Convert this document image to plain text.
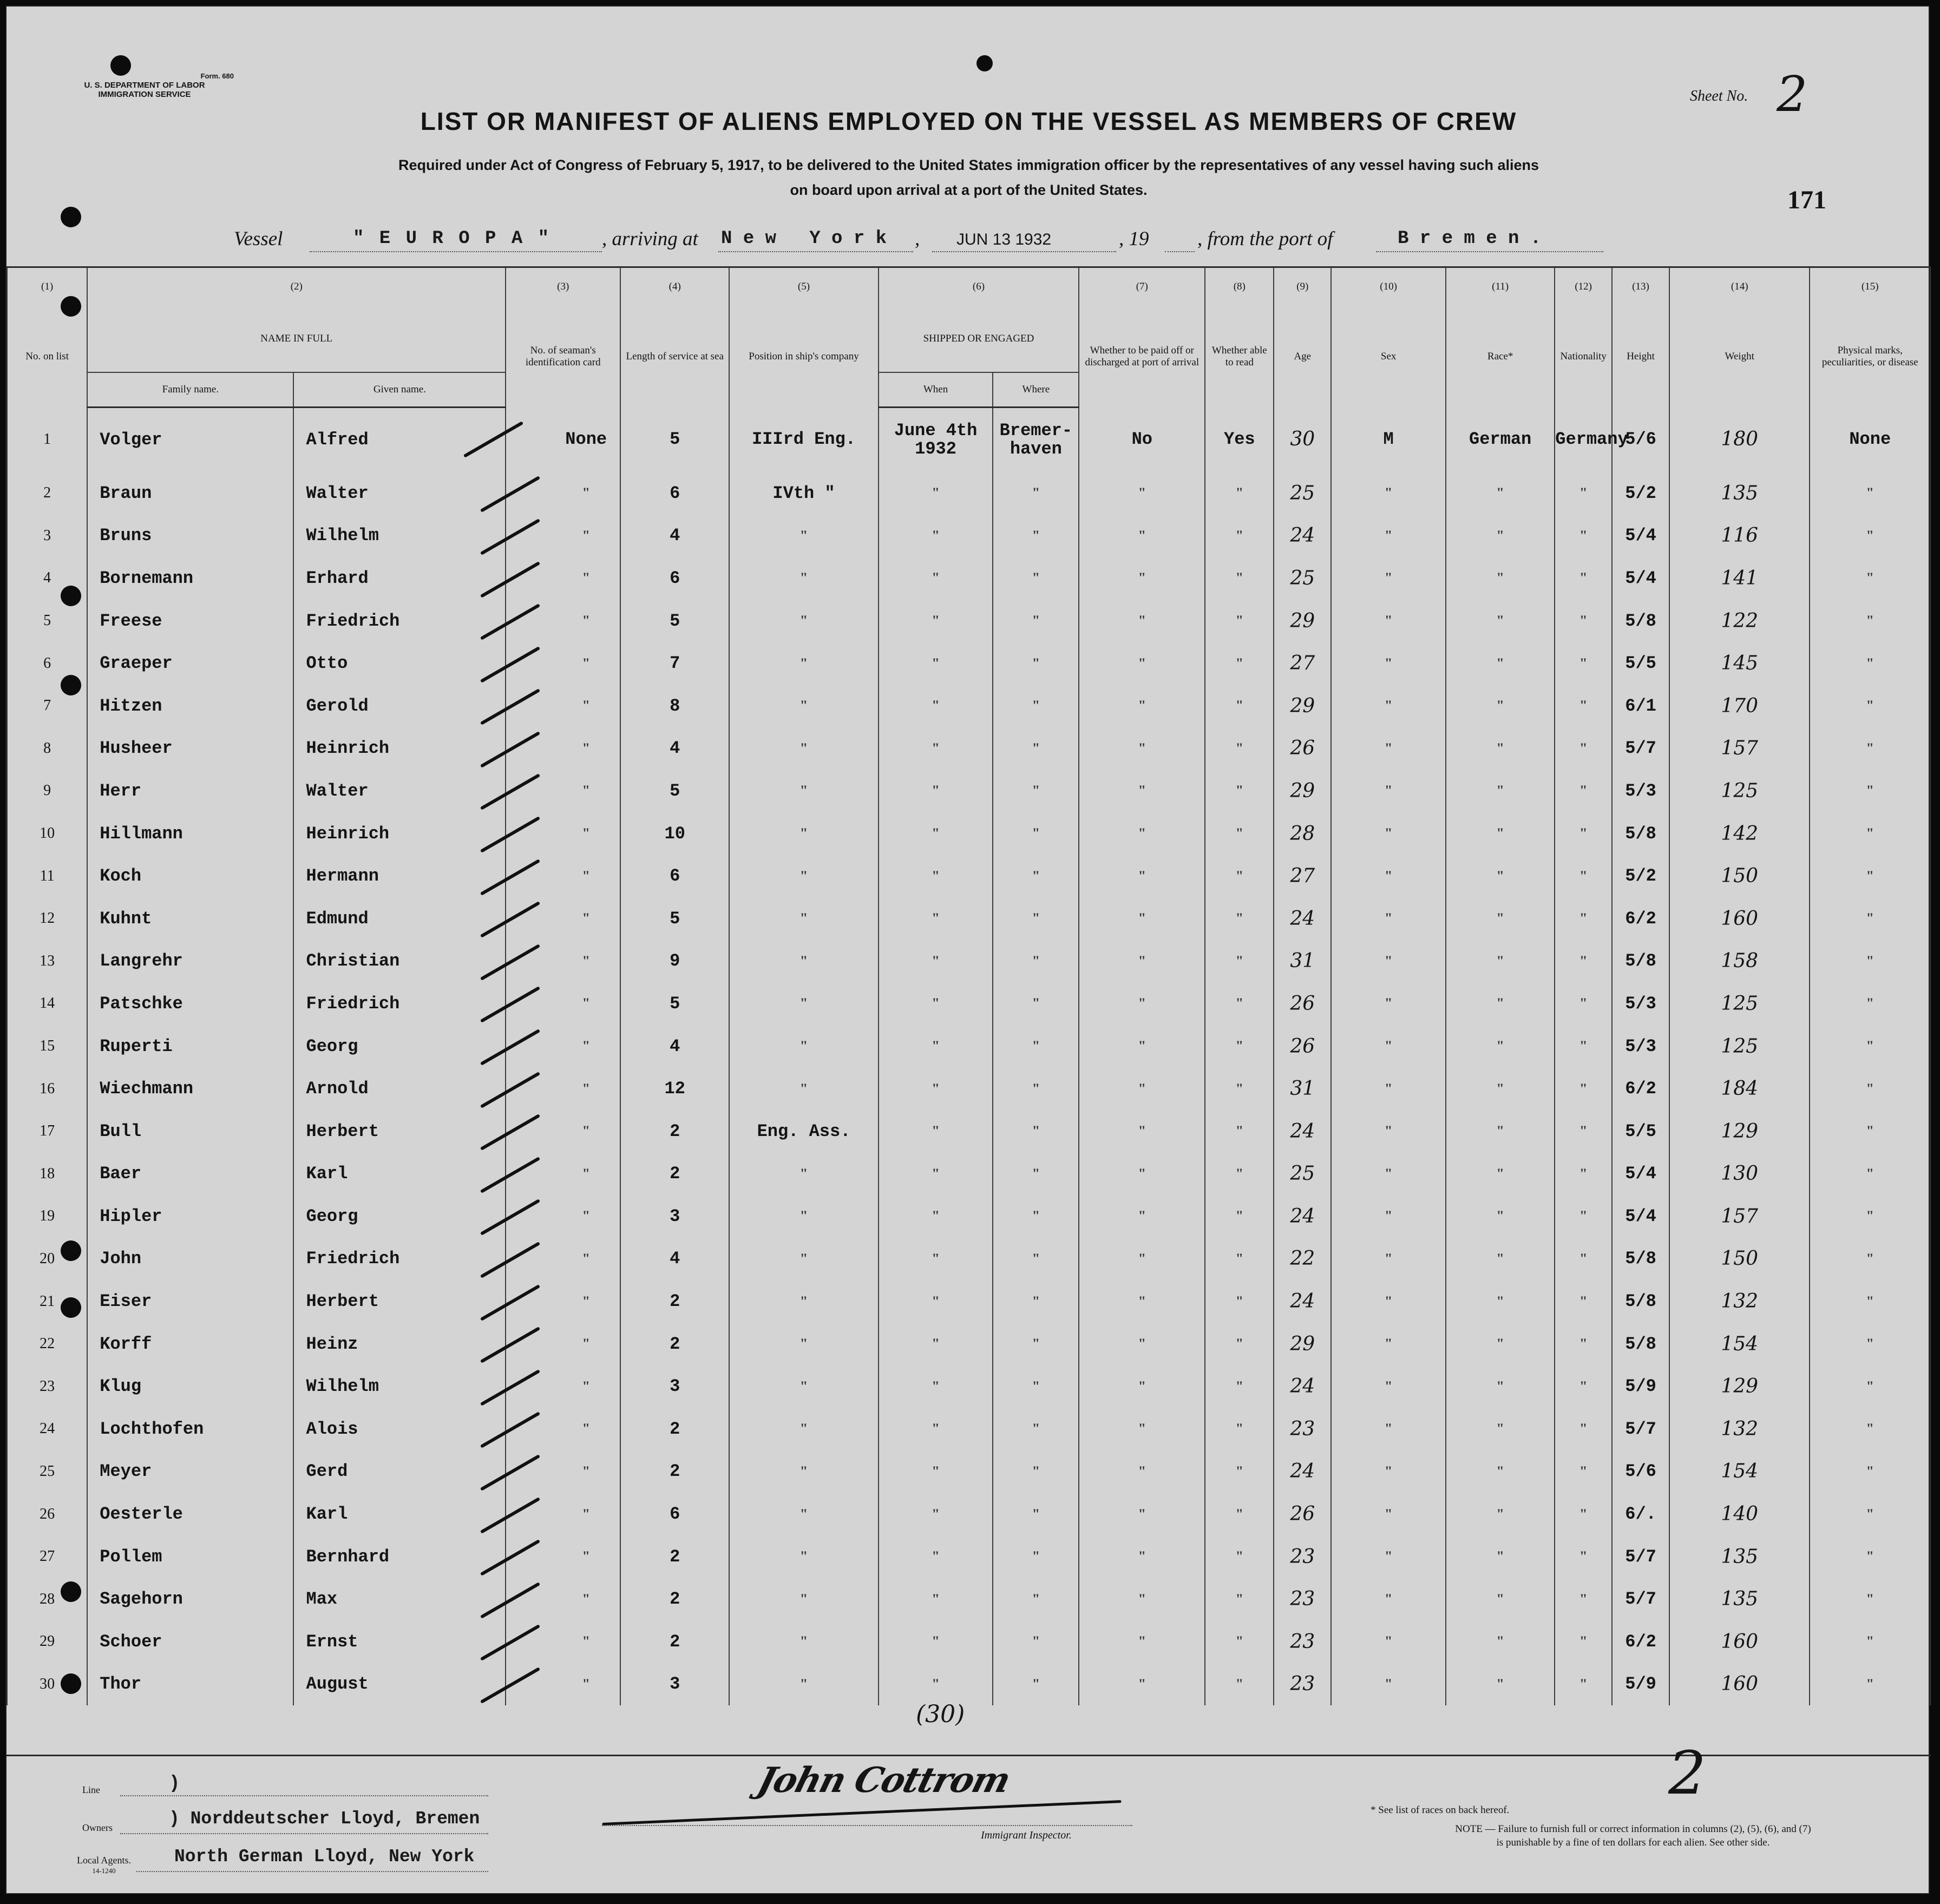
Form. 680
U. S. DEPARTMENT OF LABOR
IMMIGRATION SERVICE	Sheet No. 2
LIST OR MANIFEST OF ALIENS EMPLOYED ON THE VESSEL AS MEMBERS OF CREW
Required under Act of Congress of February 5, 1917, to be delivered to the United States immigration officer by the representatives of any vessel having such aliens
on board upon arrival at a port of the United States.	171
Vessel	" E U R O P A "	, arriving at N e w   Y o r k , JUN 13 1932	, 19 , from the port of	B r e m e n .
(1)	(2)		(3)	(4)	(5)	(6)		(7)	(8)	(9)	(10)	(11)	(12)	(13)	(14)	(15)
No. on list	NAME IN FULL		No. of seaman's identification card	Length of service at sea	Position in ship's company	SHIPPED OR ENGAGED		Whether to be paid off or discharged at port of arrival	Whether able to read	Age	Sex	Race*	Nationality	Height	Weight	Physical marks, peculiarities, or disease
	Family name.	Given name.				When	Where									
1	Volger	Alfred	None	5	IIIrd Eng.	June 4th 1932	Bremer- haven	No	Yes	30	M	German	Germany	5/6	180	None
2	Braun	Walter	"	6	IVth "	"	"	"	"	25	"	"	"	5/2	135	"
3	Bruns	Wilhelm	"	4	"	"	"	"	"	24	"	"	"	5/4	116	"
4	Bornemann	Erhard	"	6	"	"	"	"	"	25	"	"	"	5/4	141	"
5	Freese	Friedrich	"	5	"	"	"	"	"	29	"	"	"	5/8	122	"
6	Graeper	Otto	"	7	"	"	"	"	"	27	"	"	"	5/5	145	"
7	Hitzen	Gerold	"	8	"	"	"	"	"	29	"	"	"	6/1	170	"
8	Husheer	Heinrich	"	4	"	"	"	"	"	26	"	"	"	5/7	157	"
9	Herr	Walter	"	5	"	"	"	"	"	29	"	"	"	5/3	125	"
10	Hillmann	Heinrich	"	10	"	"	"	"	"	28	"	"	"	5/8	142	"
11	Koch	Hermann	"	6	"	"	"	"	"	27	"	"	"	5/2	150	"
12	Kuhnt	Edmund	"	5	"	"	"	"	"	24	"	"	"	6/2	160	"
13	Langrehr	Christian	"	9	"	"	"	"	"	31	"	"	"	5/8	158	"
14	Patschke	Friedrich	"	5	"	"	"	"	"	26	"	"	"	5/3	125	"
15	Ruperti	Georg	"	4	"	"	"	"	"	26	"	"	"	5/3	125	"
16	Wiechmann	Arnold	"	12	"	"	"	"	"	31	"	"	"	6/2	184	"
17	Bull	Herbert	"	2	Eng. Ass.	"	"	"	"	24	"	"	"	5/5	129	"
18	Baer	Karl	"	2	"	"	"	"	"	25	"	"	"	5/4	130	"
19	Hipler	Georg	"	3	"	"	"	"	"	24	"	"	"	5/4	157	"
20	John	Friedrich	"	4	"	"	"	"	"	22	"	"	"	5/8	150	"
21	Eiser	Herbert	"	2	"	"	"	"	"	24	"	"	"	5/8	132	"
22	Korff	Heinz	"	2	"	"	"	"	"	29	"	"	"	5/8	154	"
23	Klug	Wilhelm	"	3	"	"	"	"	"	24	"	"	"	5/9	129	"
24	Lochthofen	Alois	"	2	"	"	"	"	"	23	"	"	"	5/7	132	"
25	Meyer	Gerd	"	2	"	"	"	"	"	24	"	"	"	5/6	154	"
26	Oesterle	Karl	"	6	"	"	"	"	"	26	"	"	"	6/.	140	"
27	Pollem	Bernhard	"	2	"	"	"	"	"	23	"	"	"	5/7	135	"
28	Sagehorn	Max	"	2	"	"	"	"	"	23	"	"	"	5/7	135	"
29	Schoer	Ernst	"	2	"	"	"	"	"	23	"	"	"	6/2	160	"
30	Thor	August	"	3	"	"	"	"	"	23	"	"	"	5/9	160	"
(30)
Line	)
Owners	) Norddeutscher Lloyd, Bremen
Local Agents.
14-1240
North German Lloyd, New York
John Cottrom
Immigrant Inspector.
* See list of races on back hereof.
NOTE — Failure to furnish full or correct information in columns (2), (5), (6), and (7)
is punishable by a fine of ten dollars for each alien. See other side.
2
